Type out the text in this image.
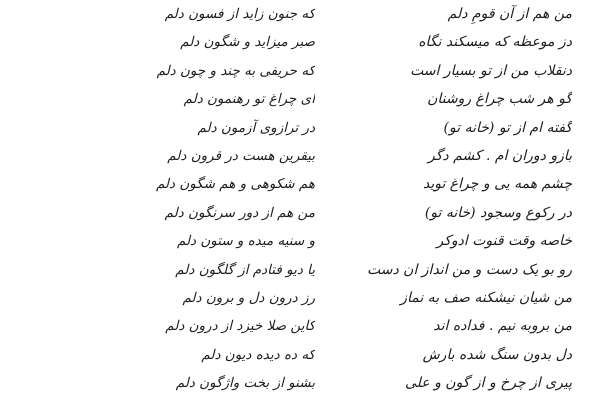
من هم از آن قومِ دلم
دز موعظه که میسکند نگاه
دنقلاب من از تو بسیار است
گو هر شب چراغ روشنان
گفته ام از تو (خانه تو)
بازو دوران ام . کشم دگر
چشم همه یی و چراغ توید
در رکوع وسجود (خانه تو)
خاصه وقت قنوت ادوکر
رو بو یک دست و من انداز ان دست
من شیان نیشکنه صف به نماز
من بروبه نیم . فداده اند
دل بدون سنگ شده بارش
پیری از چرخ و از گون و علی
که جنون زاید از فسون دلم
صبر میزاید و شگون دلم
که حریفی به چند و چون دلم
ای چراغ تو رهنمون دلم
در ترازوی آزمون دلم
بیقرین هست در قرون دلم
هم شکوهی و هم شگون دلم
من هم از دور سرنگون دلم
و سنیه میده و ستون دلم
یا دیو فتادم از گلگون دلم
رز درون دل و برون دلم
کاین صلا خیزد از درون دلم
که ده دیده دیون دلم
بشنو از بخت واژگون دلم
